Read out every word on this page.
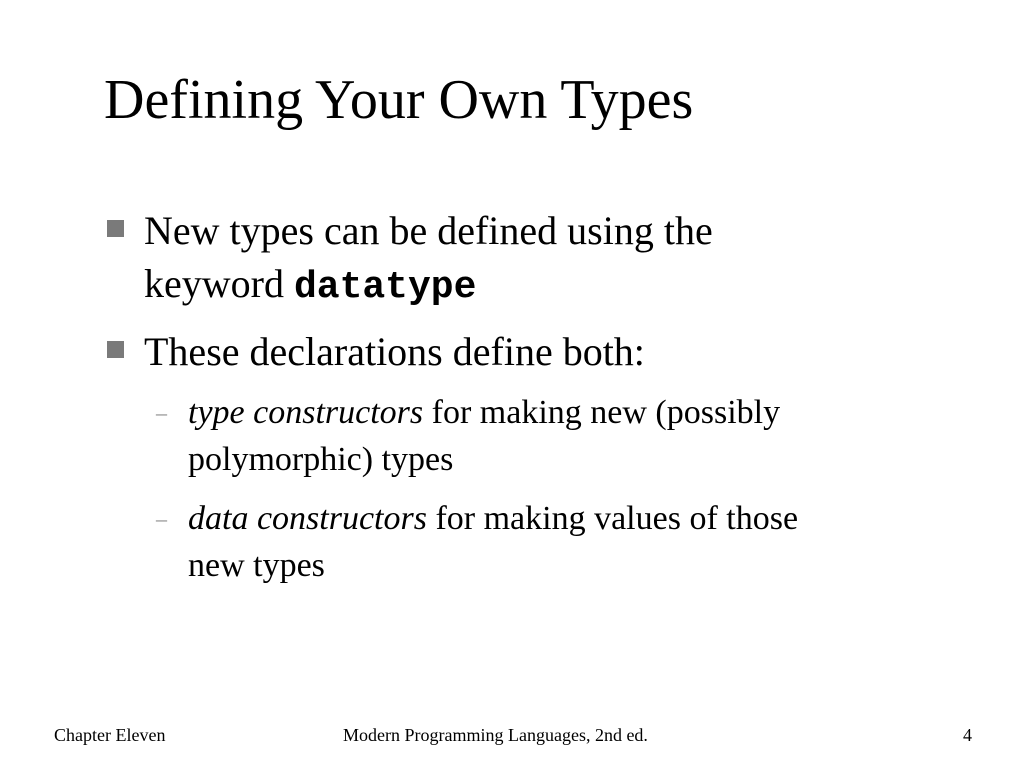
Defining Your Own Types
New types can be defined using the
keyword datatype
These declarations define both:
– type constructors for making new (possibly
polymorphic) types
– data constructors for making values of those
new types
Chapter Eleven	Modern Programming Languages, 2nd ed.	4
